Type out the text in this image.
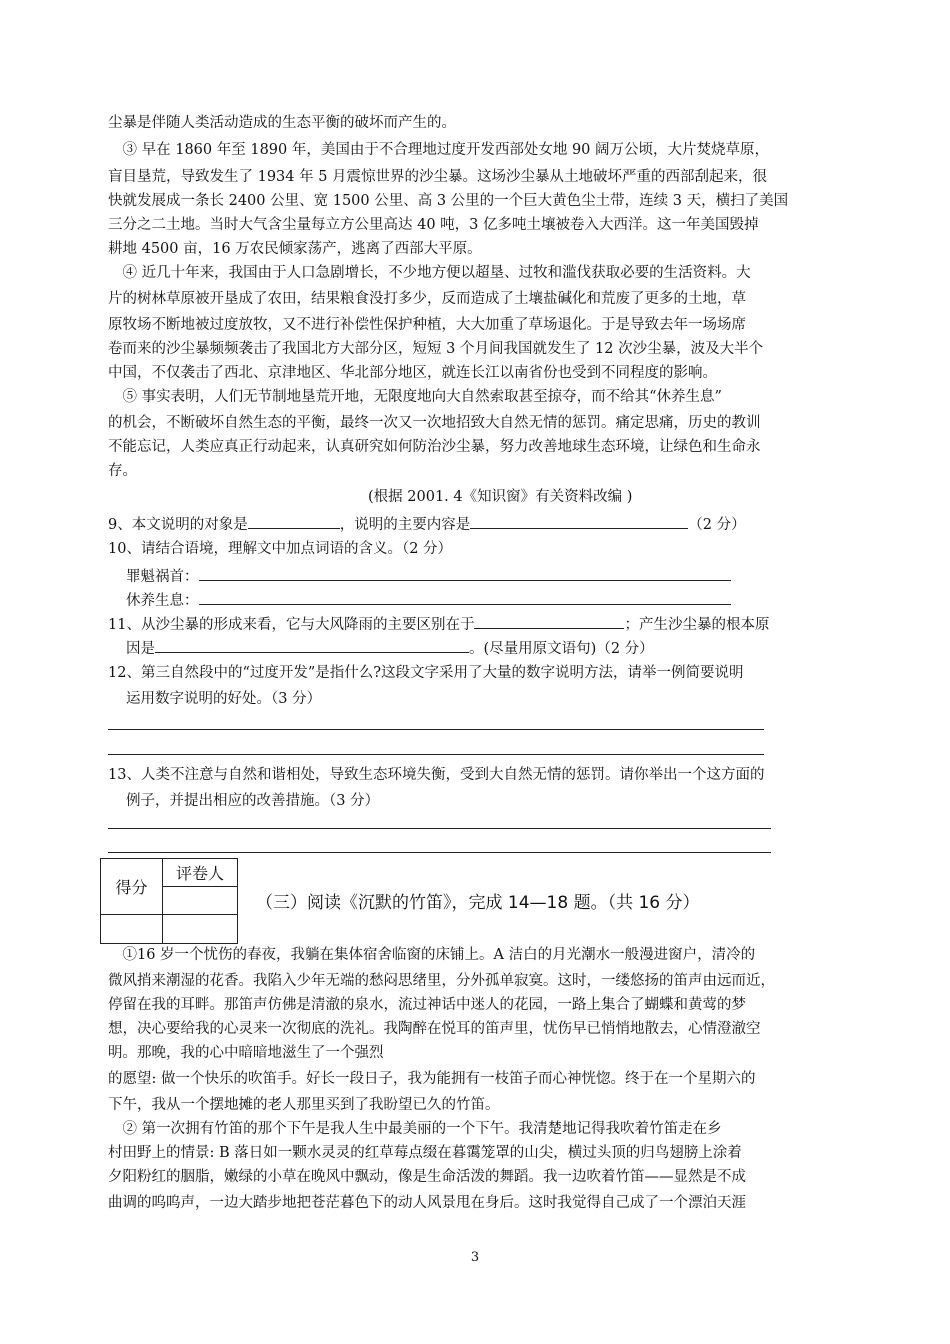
尘暴是伴随人类活动造成的生态平衡的破坏而产生的。
　③ 早在 1860 年至 1890 年，美国由于不合理地过度开发西部处女地 90 阔万公顷，大片焚烧草原，
盲目垦荒，导致发生了 1934 年 5 月震惊世界的沙尘暴。这场沙尘暴从土地破坏严重的西部刮起来，很
快就发展成一条长 2400 公里、宽 1500 公里、高 3 公里的一个巨大黄色尘土带，连续 3 天，横扫了美国
三分之二土地。当时大气含尘量每立方公里高达 40 吨，3 亿多吨土壤被卷入大西洋。这一年美国毁掉
耕地 4500 亩，16 万农民倾家荡产，逃离了西部大平原。
　④ 近几十年来，我国由于人口急剧增长，不少地方便以超垦、过牧和滥伐获取必要的生活资料。大
片的树林草原被开垦成了农田，结果粮食没打多少，反而造成了土壤盐碱化和荒废了更多的土地，草
原牧场不断地被过度放牧，又不进行补偿性保护种植，大大加重了草场退化。于是导致去年一场场席
卷而来的沙尘暴频频袭击了我国北方大部分区，短短 3 个月间我国就发生了 12 次沙尘暴，波及大半个
中国，不仅袭击了西北、京津地区、华北部分地区，就连长江以南省份也受到不同程度的影响。
　⑤ 事实表明，人们无节制地垦荒开地，无限度地向大自然索取甚至掠夺，而不给其“休养生息”
的机会，不断破坏自然生态的平衡，最终一次又一次地招致大自然无情的惩罚。痛定思痛，历史的教训
不能忘记，人类应真正行动起来，认真研究如何防治沙尘暴，努力改善地球生态环境，让绿色和生命永
存。
(根据 2001. 4《知识窗》有关资料改编 )
9、本文说明的对象是	，说明的主要内容是	（2 分）
10、请结合语境，理解文中加点词语的含义。（2 分）
罪魁祸首：
休养生息：
11、从沙尘暴的形成来看，它与大风降雨的主要区别在于	；产生沙尘暴的根本原
因是	。(尽量用原文语句)（2 分）
12、第三自然段中的“过度开发”是指什么?这段文字采用了大量的数字说明方法，请举一例简要说明
运用数字说明的好处。（3 分）
13、人类不注意与自然和谐相处，导致生态环境失衡，受到大自然无情的惩罚。请你举出一个这方面的
例子，并提出相应的改善措施。（3 分）
得分	评卷人

（三）阅读《沉默的竹笛》，完成 14—18 题。（共 16 分）
　①16 岁一个忧伤的春夜，我躺在集体宿舍临窗的床铺上。A 洁白的月光潮水一般漫进窗户，清冷的
微风捎来潮湿的花香。我陷入少年无端的愁闷思绪里，分外孤单寂寞。这时，一缕悠扬的笛声由远而近，
停留在我的耳畔。那笛声仿佛是清澈的泉水，流过神话中迷人的花园，一路上集合了蝴蝶和黄莺的梦
想，决心要给我的心灵来一次彻底的洗礼。我陶醉在悦耳的笛声里，忧伤早已悄悄地散去，心情澄澈空
明。那晚，我的心中暗暗地滋生了一个强烈
的愿望: 做一个快乐的吹笛手。好长一段日子，我为能拥有一枝笛子而心神恍惚。终于在一个星期六的
下午，我从一个摆地摊的老人那里买到了我盼望已久的竹笛。
　② 第一次拥有竹笛的那个下午是我人生中最美丽的一个下午。我清楚地记得我吹着竹笛走在乡
村田野上的情景: B 落日如一颗水灵灵的红草莓点缀在暮霭笼罩的山尖，横过头顶的归鸟翅膀上涂着
夕阳粉红的胭脂，嫩绿的小草在晚风中飘动，像是生命活泼的舞蹈。我一边吹着竹笛——显然是不成
曲调的呜呜声，一边大踏步地把苍茫暮色下的动人风景甩在身后。这时我觉得自己成了一个漂泊天涯
3
